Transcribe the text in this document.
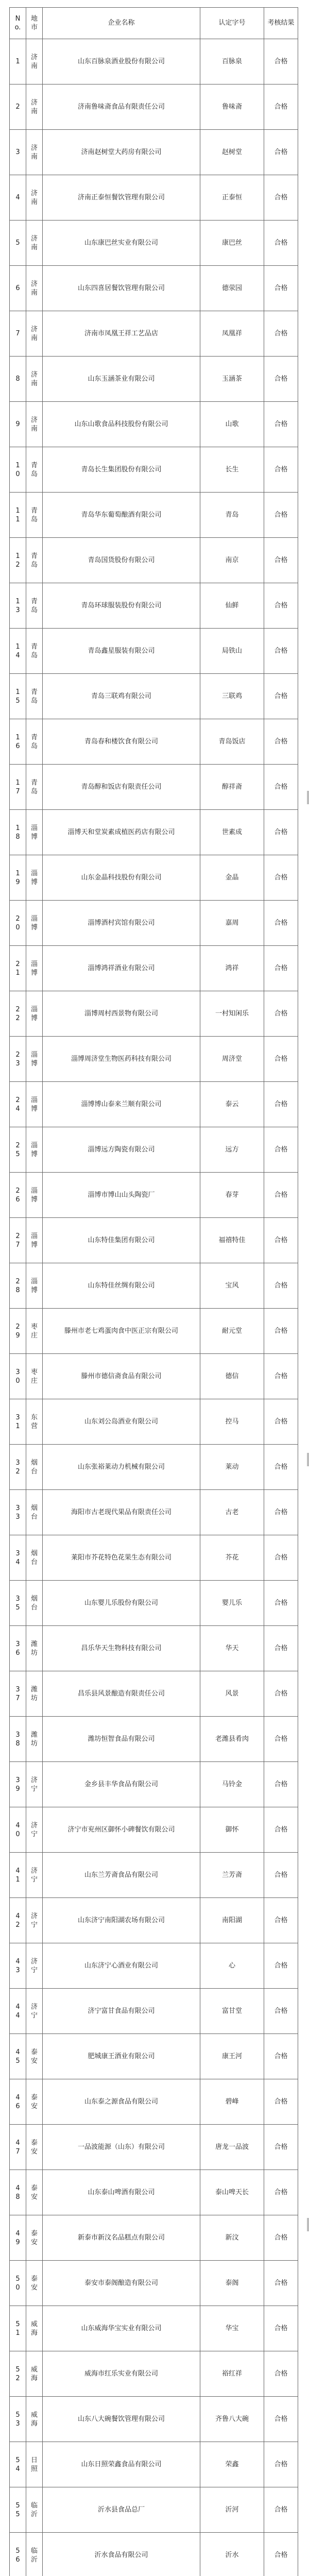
No.	地市	企业名称	认定字号	考核结果

1	济南	山东百脉泉酒业股份有限公司	百脉泉	合格

2	济南	济南鲁味斋食品有限责任公司	鲁味斋	合格

3	济南	济南赵树堂大药房有限公司	赵树堂	合格

4	济南	济南正泰恒餐饮管理有限公司	正泰恒	合格

5	济南	山东康巴丝实业有限公司	康巴丝	合格

6	济南	山东四喜居餐饮管理有限公司	德荥园	合格

7	济南	济南市凤凰王祥工艺品店	凤凰祥	合格

8	济南	山东玉涵茶业有限公司	玉涵茶	合格

9	济南	山东山歌食品科技股份有限公司	山歌	合格

10	青岛	青岛长生集团股份有限公司	长生	合格

11	青岛	青岛华东葡萄酿酒有限公司	青岛	合格

12	青岛	青岛国货股份有限公司	南京	合格

13	青岛	青岛环球服装股份有限公司	仙鲜	合格

14	青岛	青岛鑫星服装有限公司	局铁山	合格

15	青岛	青岛三联鸡有限公司	三联鸡	合格

16	青岛	青岛春和楼饮食有限公司	青岛饭店	合格

17	青岛	青岛醇和饭店有限责任公司	醇祥斋	合格

18	淄博	淄博天和堂炭素成植医药店有限公司	世素成	合格

19	淄博	山东金晶科技股份有限公司	金晶	合格

20	淄博	淄博酒村宾馆有限公司	嘉周	合格

21	淄博	淄博鸿祥酒业有限公司	鸿祥	合格

22	淄博	淄博周村西景物有限公司	一村知闲乐	合格

23	淄博	淄博周济堂生物医药科技有限公司	周济堂	合格

24	淄博	淄博博山泰来兰顺有限公司	泰云	合格

25	淄博	淄博远方陶瓷有限公司	远方	合格

26	淄博	淄博市博山山头陶瓷厂	春芽	合格

27	淄博	山东特佳集团有限公司	福禧特佳	合格

28	淄博	山东特佳丝绸有限公司	宝风	合格

29	枣庄	滕州市老七鸡蛋肉食中医正宗有限公司	耐元堂	合格

30	枣庄	滕州市德信斋食品有限公司	德信	合格

31	东营	山东刘公岛酒业有限公司	控马	合格

32	烟台	山东张裕莱动力机械有限公司	莱动	合格

33	烟台	海阳市古老现代果品有限责任公司	古老	合格

34	烟台	莱阳市芥花特色花果生态有限公司	芥花	合格

35	烟台	山东婴儿乐股份有限公司	婴儿乐	合格

36	潍坊	昌乐华天生物科技有限公司	华天	合格

37	潍坊	昌乐县风景酿造有限责任公司	风景	合格

38	潍坊	潍坊恒智食品有限公司	老潍县肴肉	合格

39	济宁	金乡县丰华食品有限公司	马铃金	合格

40	济宁	济宁市兖州区御怀小碑餐饮有限公司	御怀	合格

41	济宁	山东兰芳斋食品有限公司	兰芳斋	合格

42	济宁	山东济宁南阳湖农场有限公司	南阳湖	合格

43	济宁	山东济宁心酒业有限公司	心	合格

44	济宁	济宁富甘食品有限公司	富甘堂	合格

45	泰安	肥城康王酒业有限公司	康王河	合格

46	泰安	山东泰之源食品有限公司	碧峰	合格

47	泰安	一品波能源（山东）有限公司	唐龙一品波	合格

48	泰安	山东泰山啤酒有限公司	泰山啤天长	合格

49	泰安	新泰市新汶名品糕点有限公司	新汶	合格

50	泰安	泰安市泰阁酿造有限公司	泰阁	合格

51	威海	山东威海华宝实业有限公司	华宝	合格

52	威海	威海市红乐实业有限公司	裕红祥	合格

53	威海	山东八大碗餐饮管理有限公司	齐鲁八大碗	合格

54	日照	山东日照荣鑫食品有限公司	荣鑫	合格

55	临沂	沂水县食品总厂	沂河	合格

56	临沂	沂水食品有限公司	沂水	合格
